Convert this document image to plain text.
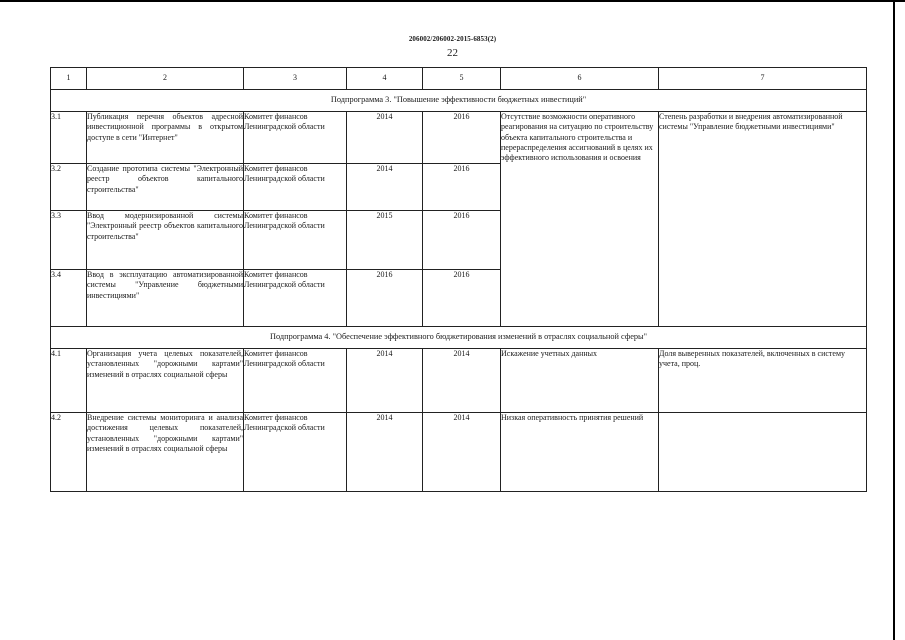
206002/206002-2015-6853(2)
22
1	2	3	4	5	6	7
Подпрограмма 3. "Повышение эффективности бюджетных инвестиций"						
3.1	Публикация перечня объектов адресной инвестиционной программы в открытом доступе в сети "Интернет"	Комитет финансов Ленинградской области	2014	2016	Отсутствие возможности оперативного реагирования на ситуацию по строительству объекта капитального строительства и перераспределения ассигнований в целях их эффективного использования и освоения	Степень разработки и внедрения автоматизированной системы "Управление бюджетными инвестициями"
3.2	Создание прототипа системы "Электронный реестр объектов капитального строительства"	Комитет финансов Ленинградской области	2014	2016		
3.3	Ввод модернизированной системы "Электронный реестр объектов капитального строительства"	Комитет финансов Ленинградской области	2015	2016		
3.4	Ввод в эксплуатацию автоматизированной системы "Управление бюджетными инвестициями"	Комитет финансов Ленинградской области	2016	2016		
Подпрограмма 4. "Обеспечение эффективного бюджетирования изменений в отраслях социальной сферы"						
4.1	Организация учета целевых показателей, установленных "дорожными картами" изменений в отраслях социальной сферы	Комитет финансов Ленинградской области	2014	2014	Искажение учетных данных	Доля выверенных показателей, включенных в систему учета, проц.
4.2	Внедрение системы мониторинга и анализа достижения целевых показателей, установленных "дорожными картами" изменений в отраслях социальной сферы	Комитет финансов Ленинградской области	2014	2014	Низкая оперативность принятия решений	
